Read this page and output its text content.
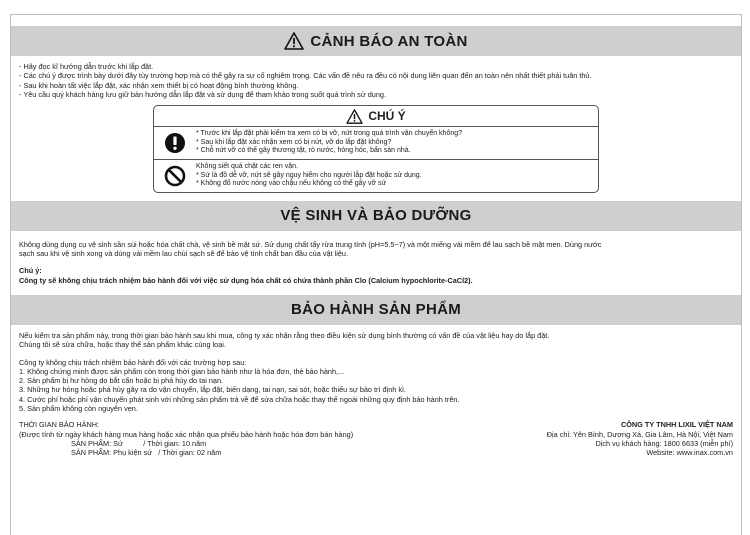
CẢNH BÁO AN TOÀN

- Hãy đọc kĩ hướng dẫn trước khi lắp đặt.

- Các chú ý được trình bày dưới đây tùy trường hợp mà có thể gây ra sự cố nghiêm trọng. Các vấn đề nêu ra đều có nội dung liên quan đến an toàn nên nhất thiết phải tuân thủ.

- Sau khi hoàn tất việc lắp đặt, xác nhận xem thiết bị có hoạt động bình thường không.

- Yêu cầu quý khách hàng lưu giữ bản hướng dẫn lắp đặt và sử dụng để tham khảo trong suốt quá trình sử dụng.

CHÚ Ý

* Trước khi lắp đặt phải kiểm tra xem có bị vỡ, nứt trong quá trình vận chuyển không?

* Sau khi lắp đặt xác nhận xem có bị nứt, vỡ do lắp đặt không?

* Chỗ nứt vỡ có thể gây thương tật, rò nước, hỏng hóc, bẩn sàn nhà.

Không siết quá chặt các ren vặn.

* Sứ là đồ dễ vỡ, nứt sẽ gây nguy hiểm cho người lắp đặt hoặc sử dụng.

* Không đổ nước nóng vào chậu nếu không có thể gây vỡ sứ

VỆ SINH VÀ BẢO DƯỠNG

Không dùng dụng cụ vệ sinh sần sùi hoặc hóa chất chà, vệ sinh bề mặt sứ. Sử dụng chất tẩy rửa trung tính (pH=5.5~7) và một miếng vải mềm để lau sạch bề mặt men. Dùng nước

sạch sau khi vệ sinh xong và dùng vải mềm lau chùi sạch sẽ để bảo vệ tính chất ban đầu của vật liệu.

Chú ý:

Công ty sẽ không chịu trách nhiệm bảo hành đối với việc sử dụng hóa chất có chứa thành phần Clo (Calcium hypochlorite-CaCl2).

BẢO HÀNH SẢN PHẨM

Nếu kiểm tra sản phẩm này, trong thời gian bảo hành sau khi mua, công ty xác nhận rằng theo điều kiện sử dụng bình thường có vấn đề của vật liệu hay do lắp đặt.

Chúng tôi sẽ sửa chữa, hoặc thay thế sản phẩm khác cùng loại.

Công ty không chịu trách nhiệm bảo hành đối với các trường hợp sau:

1. Không chứng minh được sản phẩm còn trong thời gian bảo hành như là hóa đơn, thẻ bảo hành,...

2. Sản phẩm bị hư hỏng do bắt cẩn hoặc bị phá hủy do tai nạn.

3. Những hư hỏng hoặc phá hủy gây ra do vận chuyển, lắp đặt, biến dạng, tai nạn, sai sót, hoặc thiếu sự bảo trì định kì.

4. Cước phí hoặc phí vận chuyển phát sinh với những sản phẩm trả về để sửa chữa hoặc thay thế ngoài những quy định bảo hành trên.

5. Sản phẩm không còn nguyên vẹn.

THỜI GIAN BẢO HÀNH:

(Được tính từ ngày khách hàng mua hàng hoặc xác nhận qua phiếu bảo hành hoặc hóa đơn bán hàng)

SẢN PHẨM: Sứ          / Thời gian: 10 năm

SẢN PHẨM: Phụ kiện sứ   / Thời gian: 02 năm

CÔNG TY TNHH LIXIL VIỆT NAM

Địa chỉ: Yên Bình, Dương Xá, Gia Lâm, Hà Nội, Việt Nam

Dịch vụ khách hàng: 1800 6633 (miễn phí)

Website: www.inax.com.vn
